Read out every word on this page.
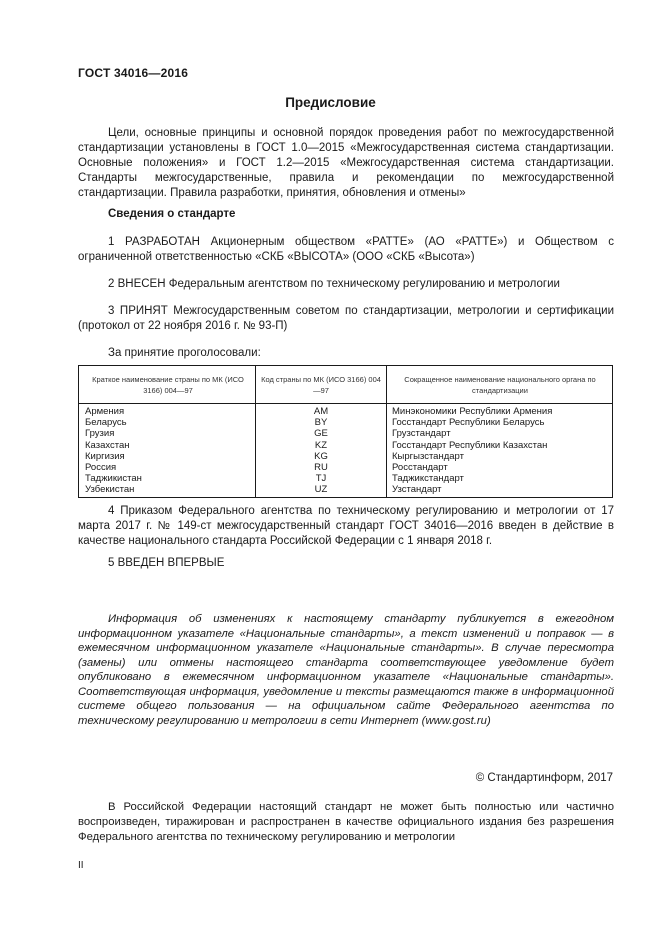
ГОСТ 34016—2016
Предисловие
Цели, основные принципы и основной порядок проведения работ по межгосударственной стандартизации установлены в ГОСТ 1.0—2015 «Межгосударственная система стандартизации. Основные положения» и ГОСТ 1.2—2015 «Межгосударственная система стандартизации. Стандарты межгосударственные, правила и рекомендации по межгосударственной стандартизации. Правила разработки, принятия, обновления и отмены»
Сведения о стандарте
1 РАЗРАБОТАН Акционерным обществом «РАТТЕ» (АО «РАТТЕ») и Обществом с ограниченной ответственностью «СКБ «ВЫСОТА» (ООО «СКБ «Высота»)
2 ВНЕСЕН Федеральным агентством по техническому регулированию и метрологии
3 ПРИНЯТ Межгосударственным советом по стандартизации, метрологии и сертификации (протокол от 22 ноября 2016 г. № 93-П)
За принятие проголосовали:
Краткое наименование страны по МК (ИСО 3166) 004—97
Код страны по МК (ИСО 3166) 004—97
Сокращенное наименование национального органа по стандартизации
Армения
Беларусь
Грузия
Казахстан
Киргизия
Россия
Таджикистан
Узбекистан
AM
BY
GE
KZ
KG
RU
TJ
UZ
Минэкономики Республики Армения
Госстандарт Республики Беларусь
Грузстандарт
Госстандарт Республики Казахстан
Кыргызстандарт
Росстандарт
Таджикстандарт
Узстандарт
4 Приказом Федерального агентства по техническому регулированию и метрологии от 17 марта 2017 г. № 149-ст межгосударственный стандарт ГОСТ 34016—2016 введен в действие в качестве национального стандарта Российской Федерации с 1 января 2018 г.
5 ВВЕДЕН ВПЕРВЫЕ
Информация об изменениях к настоящему стандарту публикуется в ежегодном информационном указателе «Национальные стандарты», а текст изменений и поправок — в ежемесячном информационном указателе «Национальные стандарты». В случае пересмотра (замены) или отмены настоящего стандарта соответствующее уведомление будет опубликовано в ежемесячном информационном указателе «Национальные стандарты». Соответствующая информация, уведомление и тексты размещаются также в информационной системе общего пользования — на официальном сайте Федерального агентства по техническому регулированию и метрологии в сети Интернет (www.gost.ru)
© Стандартинформ, 2017
В Российской Федерации настоящий стандарт не может быть полностью или частично воспроизведен, тиражирован и распространен в качестве официального издания без разрешения Федерального агентства по техническому регулированию и метрологии
II
